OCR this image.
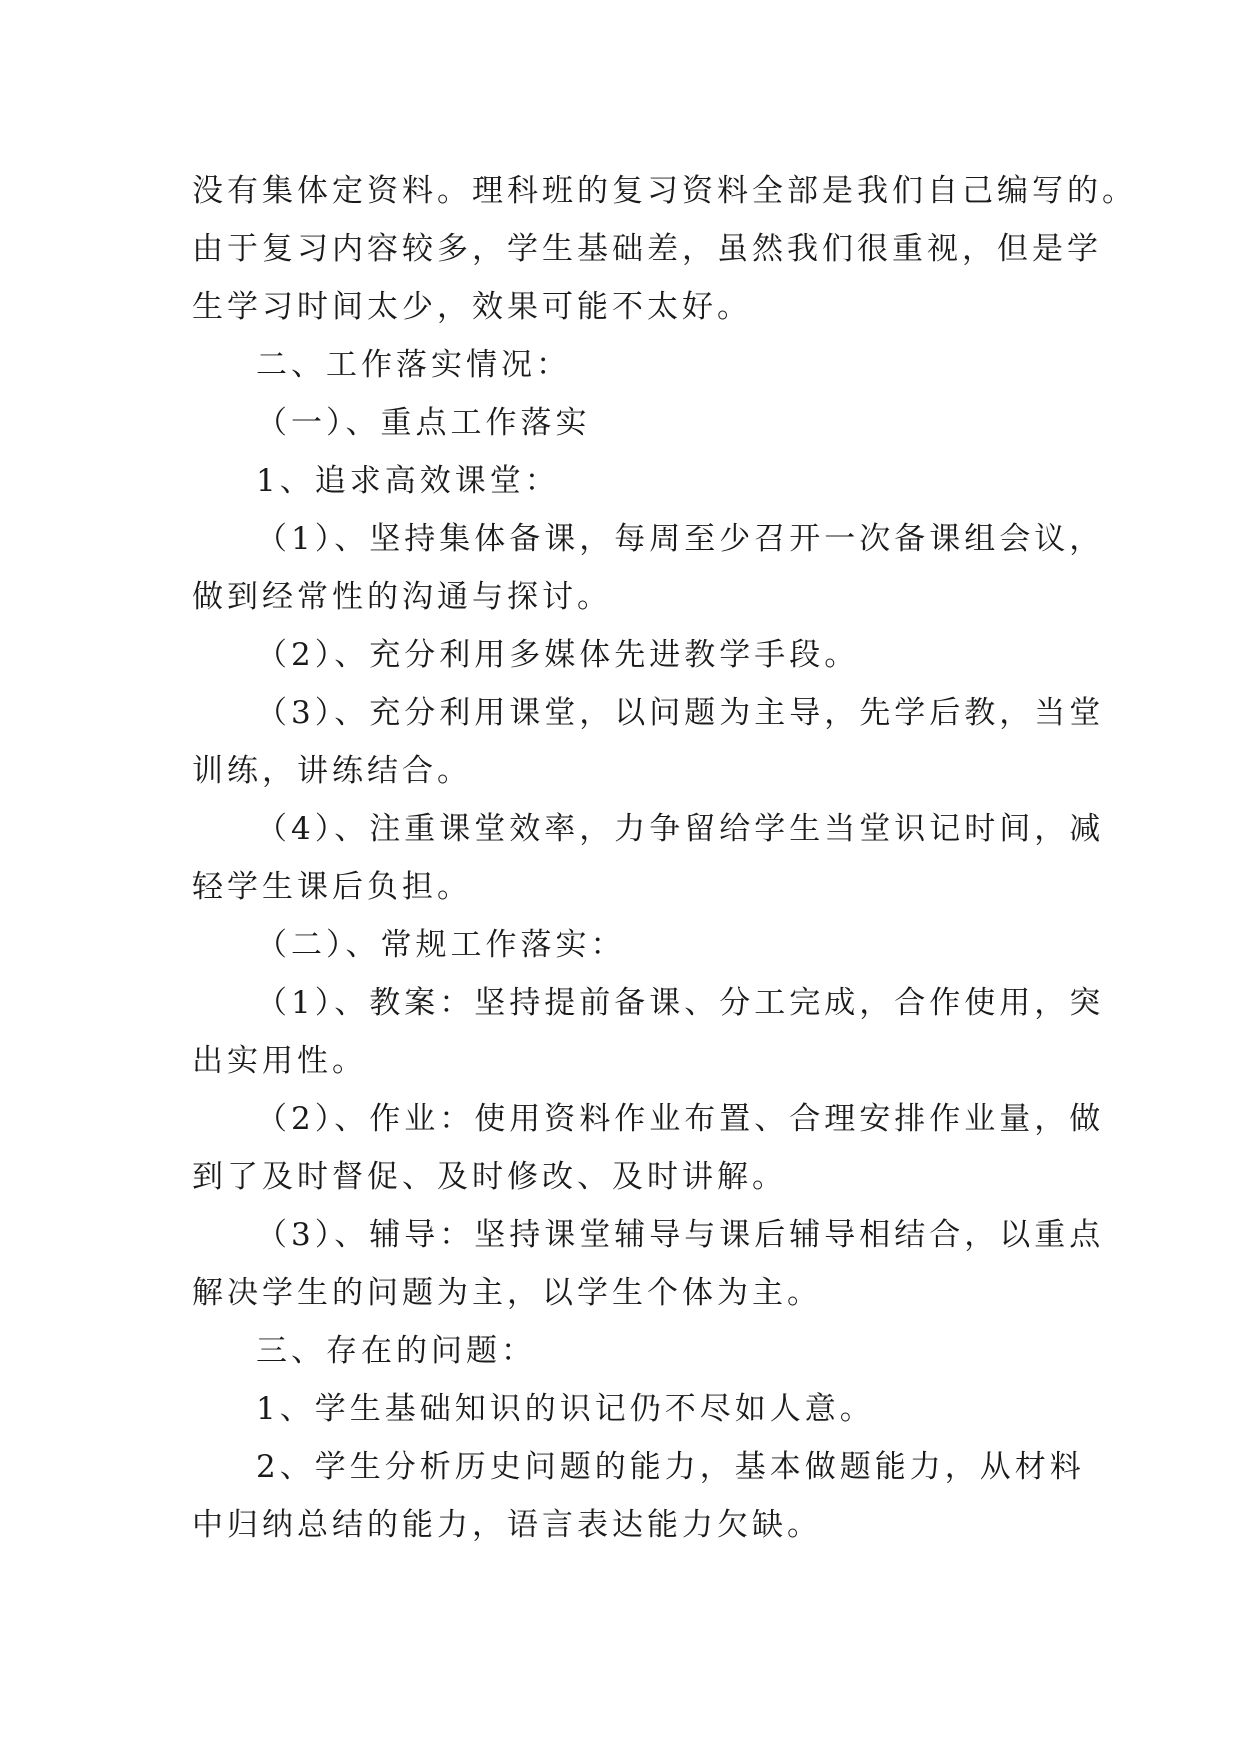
没有集体定资料。理科班的复习资料全部是我们自己编写的。
由于复习内容较多，学生基础差，虽然我们很重视，但是学
生学习时间太少，效果可能不太好。
二、工作落实情况：
（一）、重点工作落实
1、追求高效课堂：
（1）、坚持集体备课，每周至少召开一次备课组会议，
做到经常性的沟通与探讨。
（2）、充分利用多媒体先进教学手段。
（3）、充分利用课堂，以问题为主导，先学后教，当堂
训练，讲练结合。
（4）、注重课堂效率，力争留给学生当堂识记时间，减
轻学生课后负担。
（二）、常规工作落实：
（1）、教案：坚持提前备课、分工完成，合作使用，突
出实用性。
（2）、作业：使用资料作业布置、合理安排作业量，做
到了及时督促、及时修改、及时讲解。
（3）、辅导：坚持课堂辅导与课后辅导相结合，以重点
解决学生的问题为主，以学生个体为主。
三、存在的问题：
1、学生基础知识的识记仍不尽如人意。
2、学生分析历史问题的能力，基本做题能力，从材料
中归纳总结的能力，语言表达能力欠缺。
